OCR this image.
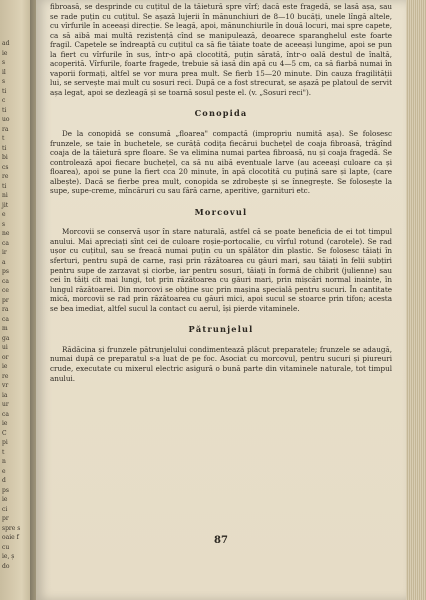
ad
ie
s
il
s
ti
c
ti
uo
ra
t
ti
bi
cs
re
ti
ni
jit
e
s
ne
ca
ir
a
ps
ca
ce
pr
ra
ca
m
ga
ui
or
ie
re
vr
ia
ur
ca
ie
C
pi
t
n
e
d
ps
ie
ci
pr
spre s
oaie f
cu
ie, ș
do

fibroasă, se desprinde cu cuțitul de la tăietură spre vîrf; dacă este fragedă, se lasă așa, sau se rade puțin cu cuțitul. Se așază lujerii în mănunchiuri de 8—10 bucăți, unele lîngă altele, cu vîrfurile în aceeași direcție. Se leagă, apoi, mănunchiurile în două locuri, mai spre capete, ca să aibă mai multă rezistență cînd se manipulează, deoarece sparanghelul este foarte fragil. Capetele se îndreaptă cu cuțitul ca să fie tăiate toate de aceeași lungime, apoi se pun la fiert cu vîrfurile în sus, într-o apă clocotită, puțin sărată, într-o oală destul de înaltă, acoperită. Vîrfurile, foarte fragede, trebuie să iasă din apă cu 4—5 cm, ca să fiarbă numai în vaporii formați, altfel se vor mura prea mult. Se fierb 15—20 minute. Din cauza fragilității lui, se servește mai mult cu sosuri reci. După ce a fost strecurat, se așază pe platoul de servit așa legat, apoi se dezleagă și se toarnă sosul peste el. (v. „Sosuri reci").

Conopida

De la conopidă se consumă „floarea" compactă (impropriu numită așa). Se folosesc frunzele, se taie în buchetele, se curăță codița fiecărui buchețel de coaja fibroasă, trăgînd coaja de la tăietură spre floare. Se va elimina numai partea fibroasă, nu și coaja fragedă. Se controlează apoi fiecare buchețel, ca să nu aibă eventuale larve (au aceeași culoare ca și floarea), apoi se pune la fiert cca 20 minute, în apă clocotită cu puțină sare și lapte, (care albește). Dacă se fierbe prea mult, conopida se zdrobește și se înnegrește. Se folosește la supe, supe-creme, mîncăruri cu sau fără carne, aperitive, garnituri etc.

Morcovul

Morcovii se conservă ușor în stare naturală, astfel că se poate beneficia de ei tot timpul anului. Mai apreciați sînt cei de culoare roșie-portocalie, cu vîrful rotund (carotele). Se rad ușor cu cuțitul, sau se freacă numai puțin cu un spălător din plastic. Se folosesc tăiați în sferturi, pentru supă de carne, rași prin răzătoarea cu găuri mari, sau tăiați în felii subțiri pentru supe de zarzavat și ciorbe, iar pentru sosuri, tăiați în formă de chibrit (julienne) sau cei în tăiți cît mai lungi, tot prin răzătoarea cu găuri mari, prin mișcări normal inainte, în lungul răzătoarei. Din morcovi se obține suc prin mașina specială pentru sucuri. În cantitate mică, morcovii se rad prin răzătoarea cu găuri mici, apoi sucul se stoarce prin tifon; acesta se bea imediat, altfel sucul la contact cu aerul, își pierde vitaminele.

Pătrunjelul

Rădăcina și frunzele pătrunjelului condimentează plăcut preparatele; frunzele se adaugă, numai după ce preparatul s-a luat de pe foc. Asociat cu morcovul, pentru sucuri și piureuri crude, executate cu mixerul electric asigură o bună parte din vitaminele naturale, tot timpul anului.

87
